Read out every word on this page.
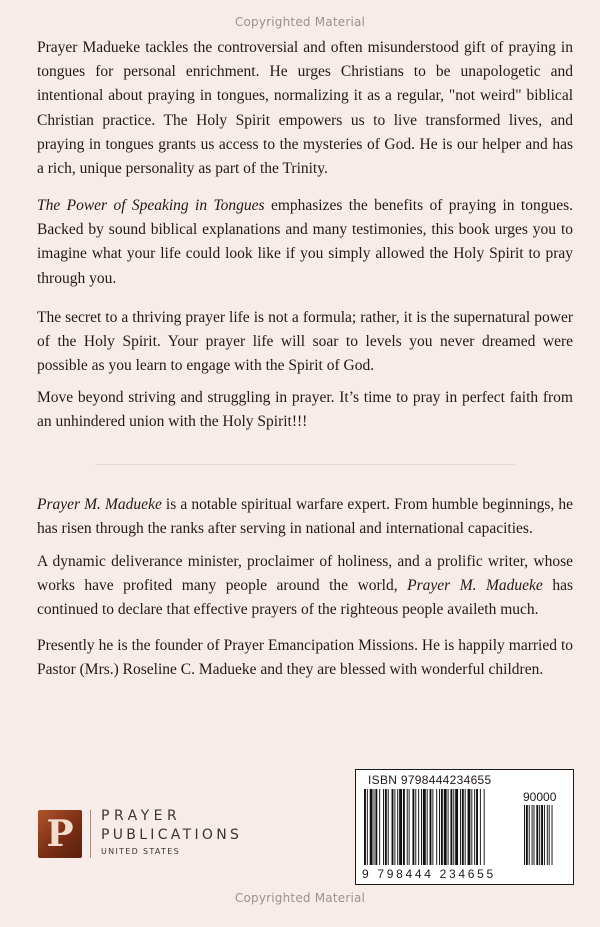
Copyrighted Material

Prayer Madueke tackles the controversial and often misunderstood gift of praying in tongues for personal enrichment. He urges Christians to be unapologetic and intentional about praying in tongues, normalizing it as a regular, "not weird" biblical Christian practice. The Holy Spirit empowers us to live transformed lives, and praying in tongues grants us access to the mysteries of God. He is our helper and has a rich, unique personality as part of the Trinity.

The Power of Speaking in Tongues emphasizes the benefits of praying in tongues. Backed by sound biblical explanations and many testimonies, this book urges you to imagine what your life could look like if you simply allowed the Holy Spirit to pray through you.

The secret to a thriving prayer life is not a formula; rather, it is the supernatural power of the Holy Spirit. Your prayer life will soar to levels you never dreamed were possible as you learn to engage with the Spirit of God.

Move beyond striving and struggling in prayer. It’s time to pray in perfect faith from an unhindered union with the Holy Spirit!!!

Prayer M. Madueke is a notable spiritual warfare expert. From humble beginnings, he has risen through the ranks after serving in national and international capacities.

A dynamic deliverance minister, proclaimer of holiness, and a prolific writer, whose works have profited many people around the world, Prayer M. Madueke has continued to declare that effective prayers of the righteous people availeth much.

Presently he is the founder of Prayer Emancipation Missions. He is happily married to Pastor (Mrs.) Roseline C. Madueke and they are blessed with wonderful children.

P	PRAYER
PUBLICATIONS
UNITED STATES
ISBN 9798444234655
90000
9 798444 234655
Copyrighted Material
